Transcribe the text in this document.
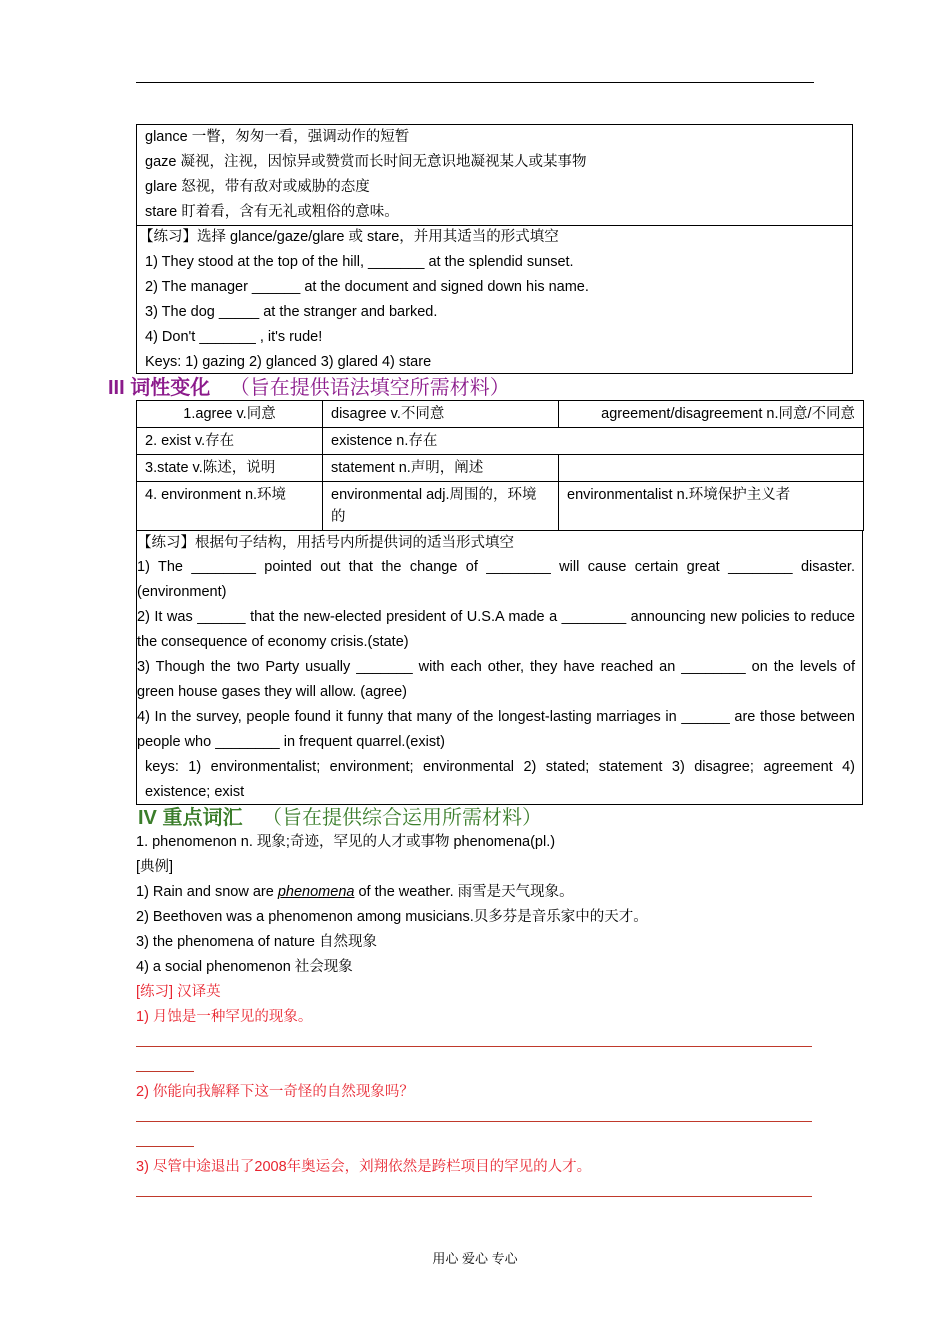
glance 一瞥，匆匆一看，强调动作的短暂
gaze 凝视，注视，因惊异或赞赏而长时间无意识地凝视某人或某事物
glare 怒视，带有敌对或威胁的态度
stare 盯着看，含有无礼或粗俗的意味。
【练习】选择 glance/gaze/glare 或 stare，并用其适当的形式填空
1) They stood at the top of the hill, _______ at the splendid sunset.
2) The manager ______ at the document and signed down his name.
3) The dog _____ at the stranger and barked.
4) Don't _______ , it's rude!
Keys: 1) gazing 2) glanced 3) glared 4) stare
III 词性变化 （旨在提供语法填空所需材料）
1.agree v.同意	disagree v.不同意	agreement/disagreement n.同意/不同意
2. exist v.存在	existence n.存在	
3.state v.陈述，说明	statement n.声明，阐述	
4. environment n.环境	environmental adj.周围的，环境的	environmentalist n.环境保护主义者
【练习】根据句子结构，用括号内所提供词的适当形式填空
1) The ________ pointed out that the change of ________ will cause certain great ________ disaster. (environment)
2) It was ______ that the new-elected president of U.S.A made a ________ announcing new policies to reduce the consequence of economy crisis.(state)
3) Though the two Party usually _______ with each other, they have reached an ________ on the levels of green house gases they will allow. (agree)
4) In the survey, people found it funny that many of the longest-lasting marriages in ______ are those between people who ________ in frequent quarrel.(exist)
keys: 1) environmentalist; environment; environmental 2) stated; statement 3) disagree; agreement 4) existence; exist
IV 重点词汇 （旨在提供综合运用所需材料）
1. phenomenon n. 现象;奇迹，罕见的人才或事物 phenomena(pl.)
[典例]
1) Rain and snow are phenomena of the weather. 雨雪是天气现象。
2) Beethoven was a phenomenon among musicians.贝多芬是音乐家中的天才。
3) the phenomena of nature 自然现象
4) a social phenomenon 社会现象
[练习] 汉译英
1) 月蚀是一种罕见的现象。
2) 你能向我解释下这一奇怪的自然现象吗？
3) 尽管中途退出了2008年奥运会，刘翔依然是跨栏项目的罕见的人才。
用心 爱心 专心
